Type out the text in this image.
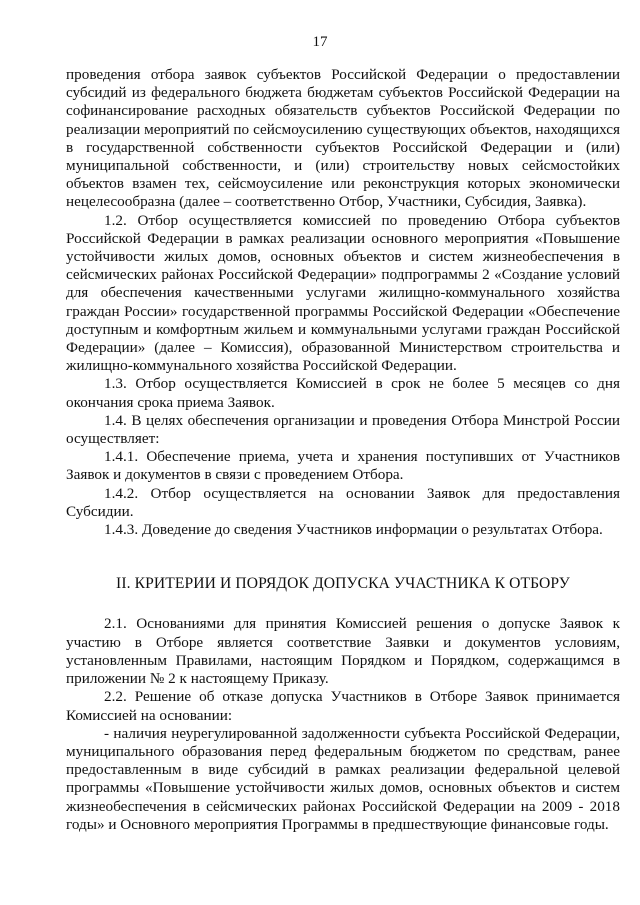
17

проведения отбора заявок субъектов Российской Федерации о предоставлении субсидий из федерального бюджета бюджетам субъектов Российской Федерации на софинансирование расходных обязательств субъектов Российской Федерации по реализации мероприятий по сейсмоусилению существующих объектов, находящихся в государственной собственности субъектов Российской Федерации и (или) муниципальной собственности, и (или) строительству новых сейсмостойких объектов взамен тех, сейсмоусиление или реконструкция которых экономически нецелесообразна (далее – соответственно Отбор, Участники, Субсидия, Заявка).

1.2. Отбор осуществляется комиссией по проведению Отбора субъектов Российской Федерации в рамках реализации основного мероприятия «Повышение устойчивости жилых домов, основных объектов и систем жизнеобеспечения в сейсмических районах Российской Федерации» подпрограммы 2 «Создание условий для обеспечения качественными услугами жилищно-коммунального хозяйства граждан России» государственной программы Российской Федерации «Обеспечение доступным и комфортным жильем и коммунальными услугами граждан Российской Федерации» (далее – Комиссия), образованной Министерством строительства и жилищно-коммунального хозяйства Российской Федерации.

1.3. Отбор осуществляется Комиссией в срок не более 5 месяцев со дня окончания срока приема Заявок.

1.4. В целях обеспечения организации и проведения Отбора Минстрой России осуществляет:

1.4.1. Обеспечение приема, учета и хранения поступивших от Участников Заявок и документов в связи с проведением Отбора.

1.4.2. Отбор осуществляется на основании Заявок для предоставления Субсидии.

1.4.3. Доведение до сведения Участников информации о результатах Отбора.

II. КРИТЕРИИ И ПОРЯДОК ДОПУСКА УЧАСТНИКА К ОТБОРУ

2.1. Основаниями для принятия Комиссией решения о допуске Заявок к участию в Отборе является соответствие Заявки и документов условиям, установленным Правилами, настоящим Порядком и Порядком, содержащимся в приложении № 2 к настоящему Приказу.

2.2. Решение об отказе допуска Участников в Отборе Заявок принимается Комиссией на основании:

- наличия неурегулированной задолженности субъекта Российской Федерации, муниципального образования перед федеральным бюджетом по средствам, ранее предоставленным в виде субсидий в рамках реализации федеральной целевой программы «Повышение устойчивости жилых домов, основных объектов и систем жизнеобеспечения в сейсмических районах Российской Федерации на 2009 - 2018 годы» и Основного мероприятия Программы в предшествующие финансовые годы.
